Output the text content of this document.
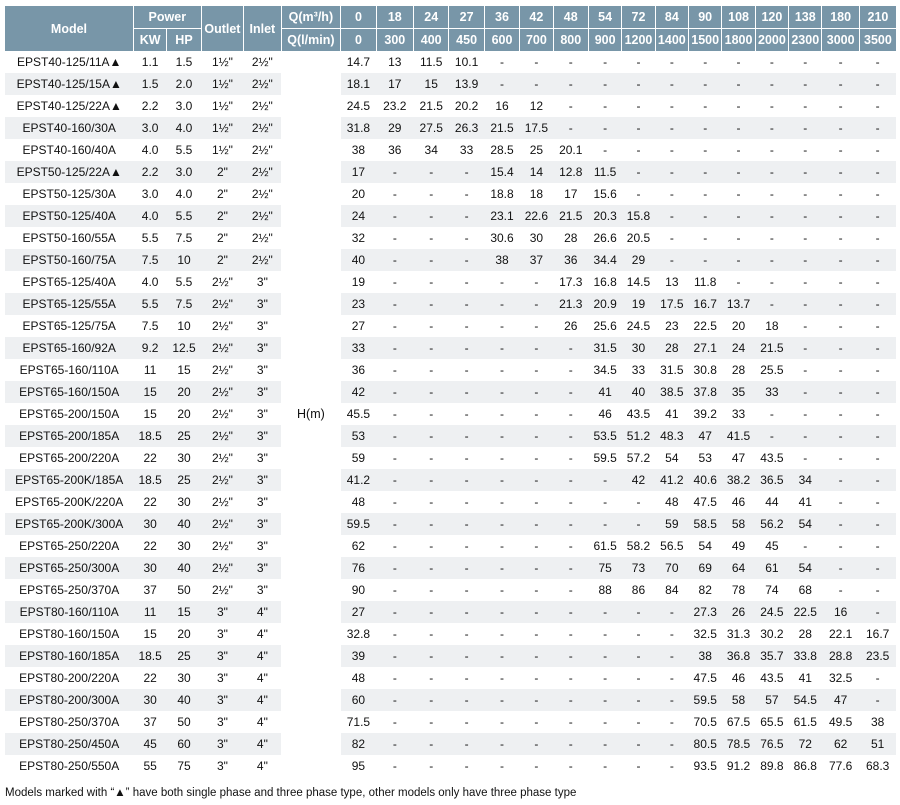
Model	Power		Outlet	Inlet	Q(m³/h)	0	18	24	27	36	42	48	54	72	84	90	108	120	138	180	210
	KW	HP			Q(l/min)	0	300	400	450	600	700	800	900	1200	1400	1500	1800	2000	2300	3000	3500
EPST40-125/11A▲	1.1	1.5	1½"	2½"	H(m)	14.7	13	11.5	10.1	-	-	-	-	-	-	-	-	-	-	-	-
EPST40-125/15A▲	1.5	2.0	1½"	2½"		18.1	17	15	13.9	-	-	-	-	-	-	-	-	-	-	-	-
EPST40-125/22A▲	2.2	3.0	1½"	2½"		24.5	23.2	21.5	20.2	16	12	-	-	-	-	-	-	-	-	-	-
EPST40-160/30A	3.0	4.0	1½"	2½"		31.8	29	27.5	26.3	21.5	17.5	-	-	-	-	-	-	-	-	-	-
EPST40-160/40A	4.0	5.5	1½"	2½"		38	36	34	33	28.5	25	20.1	-	-	-	-	-	-	-	-	-
EPST50-125/22A▲	2.2	3.0	2"	2½"		17	-	-	-	15.4	14	12.8	11.5	-	-	-	-	-	-	-	-
EPST50-125/30A	3.0	4.0	2"	2½"		20	-	-	-	18.8	18	17	15.6	-	-	-	-	-	-	-	-
EPST50-125/40A	4.0	5.5	2"	2½"		24	-	-	-	23.1	22.6	21.5	20.3	15.8	-	-	-	-	-	-	-
EPST50-160/55A	5.5	7.5	2"	2½"		32	-	-	-	30.6	30	28	26.6	20.5	-	-	-	-	-	-	-
EPST50-160/75A	7.5	10	2"	2½"		40	-	-	-	38	37	36	34.4	29	-	-	-	-	-	-	-
EPST65-125/40A	4.0	5.5	2½"	3"		19	-	-	-	-	-	17.3	16.8	14.5	13	11.8	-	-	-	-	-
EPST65-125/55A	5.5	7.5	2½"	3"		23	-	-	-	-	-	21.3	20.9	19	17.5	16.7	13.7	-	-	-	-
EPST65-125/75A	7.5	10	2½"	3"		27	-	-	-	-	-	26	25.6	24.5	23	22.5	20	18	-	-	-
EPST65-160/92A	9.2	12.5	2½"	3"		33	-	-	-	-	-	-	31.5	30	28	27.1	24	21.5	-	-	-
EPST65-160/110A	11	15	2½"	3"		36	-	-	-	-	-	-	34.5	33	31.5	30.8	28	25.5	-	-	-
EPST65-160/150A	15	20	2½"	3"		42	-	-	-	-	-	-	41	40	38.5	37.8	35	33	-	-	-
EPST65-200/150A	15	20	2½"	3"		45.5	-	-	-	-	-	-	46	43.5	41	39.2	33	-	-	-	-
EPST65-200/185A	18.5	25	2½"	3"		53	-	-	-	-	-	-	53.5	51.2	48.3	47	41.5	-	-	-	-
EPST65-200/220A	22	30	2½"	3"		59	-	-	-	-	-	-	59.5	57.2	54	53	47	43.5	-	-	-
EPST65-200K/185A	18.5	25	2½"	3"		41.2	-	-	-	-	-	-	-	42	41.2	40.6	38.2	36.5	34	-	-
EPST65-200K/220A	22	30	2½"	3"		48	-	-	-	-	-	-	-	-	48	47.5	46	44	41	-	-
EPST65-200K/300A	30	40	2½"	3"		59.5	-	-	-	-	-	-	-	-	59	58.5	58	56.2	54	-	-
EPST65-250/220A	22	30	2½"	3"		62	-	-	-	-	-	-	61.5	58.2	56.5	54	49	45	-	-	-
EPST65-250/300A	30	40	2½"	3"		76	-	-	-	-	-	-	75	73	70	69	64	61	54	-	-
EPST65-250/370A	37	50	2½"	3"		90	-	-	-	-	-	-	88	86	84	82	78	74	68	-	-
EPST80-160/110A	11	15	3"	4"		27	-	-	-	-	-	-	-	-	-	27.3	26	24.5	22.5	16	-
EPST80-160/150A	15	20	3"	4"		32.8	-	-	-	-	-	-	-	-	-	32.5	31.3	30.2	28	22.1	16.7
EPST80-160/185A	18.5	25	3"	4"		39	-	-	-	-	-	-	-	-	-	38	36.8	35.7	33.8	28.8	23.5
EPST80-200/220A	22	30	3"	4"		48	-	-	-	-	-	-	-	-	-	47.5	46	43.5	41	32.5	-
EPST80-200/300A	30	40	3"	4"		60	-	-	-	-	-	-	-	-	-	59.5	58	57	54.5	47	-
EPST80-250/370A	37	50	3"	4"		71.5	-	-	-	-	-	-	-	-	-	70.5	67.5	65.5	61.5	49.5	38
EPST80-250/450A	45	60	3"	4"		82	-	-	-	-	-	-	-	-	-	80.5	78.5	76.5	72	62	51
EPST80-250/550A	55	75	3"	4"		95	-	-	-	-	-	-	-	-	-	93.5	91.2	89.8	86.8	77.6	68.3
Models marked with “▲” have both single phase and three phase type, other models only have three phase type
